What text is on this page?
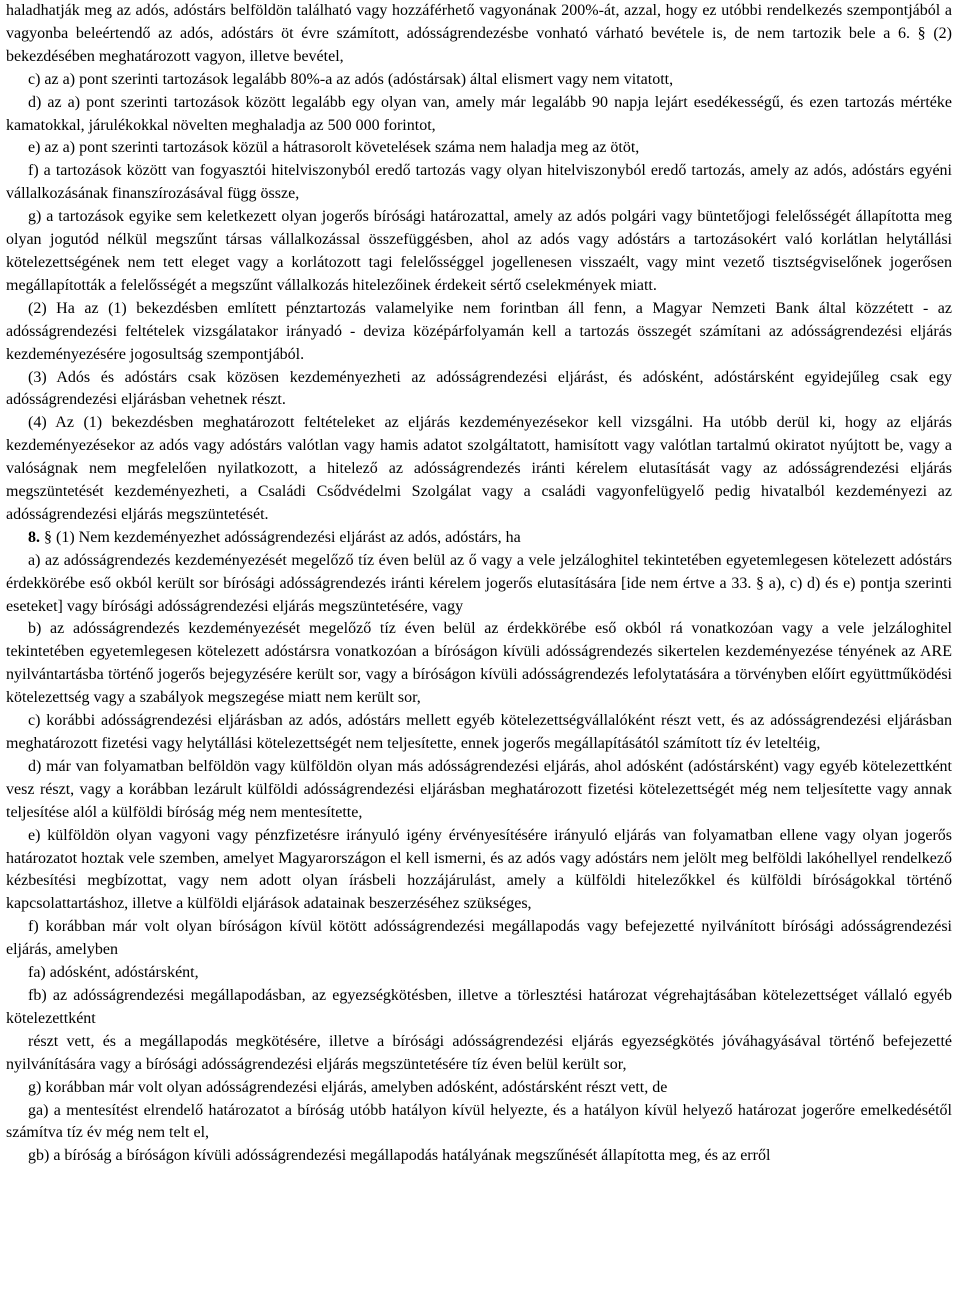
haladhatják meg az adós, adóstárs belföldön található vagy hozzáférhető vagyonának 200%-át, azzal, hogy ez utóbbi rendelkezés szempontjából a vagyonba beleértendő az adós, adóstárs öt évre számított, adósságrendezésbe vonható várható bevétele is, de nem tartozik bele a 6. § (2) bekezdésében meghatározott vagyon, illetve bevétel,

c) az a) pont szerinti tartozások legalább 80%-a az adós (adóstársak) által elismert vagy nem vitatott,

d) az a) pont szerinti tartozások között legalább egy olyan van, amely már legalább 90 napja lejárt esedékességű, és ezen tartozás mértéke kamatokkal, járulékokkal növelten meghaladja az 500 000 forintot,

e) az a) pont szerinti tartozások közül a hátrasorolt követelések száma nem haladja meg az ötöt,

f) a tartozások között van fogyasztói hitelviszonyból eredő tartozás vagy olyan hitelviszonyból eredő tartozás, amely az adós, adóstárs egyéni vállalkozásának finanszírozásával függ össze,

g) a tartozások egyike sem keletkezett olyan jogerős bírósági határozattal, amely az adós polgári vagy büntetőjogi felelősségét állapította meg olyan jogutód nélkül megszűnt társas vállalkozással összefüggésben, ahol az adós vagy adóstárs a tartozásokért való korlátlan helytállási kötelezettségének nem tett eleget vagy a korlátozott tagi felelősséggel jogellenesen visszaélt, vagy mint vezető tisztségviselőnek jogerősen megállapították a felelősségét a megszűnt vállalkozás hitelezőinek érdekeit sértő cselekmények miatt.

(2) Ha az (1) bekezdésben említett pénztartozás valamelyike nem forintban áll fenn, a Magyar Nemzeti Bank által közzétett - az adósságrendezési feltételek vizsgálatakor irányadó - deviza középárfolyamán kell a tartozás összegét számítani az adósságrendezési eljárás kezdeményezésére jogosultság szempontjából.

(3) Adós és adóstárs csak közösen kezdeményezheti az adósságrendezési eljárást, és adósként, adóstársként egyidejűleg csak egy adósságrendezési eljárásban vehetnek részt.

(4) Az (1) bekezdésben meghatározott feltételeket az eljárás kezdeményezésekor kell vizsgálni. Ha utóbb derül ki, hogy az eljárás kezdeményezésekor az adós vagy adóstárs valótlan vagy hamis adatot szolgáltatott, hamisított vagy valótlan tartalmú okiratot nyújtott be, vagy a valóságnak nem megfelelően nyilatkozott, a hitelező az adósságrendezés iránti kérelem elutasítását vagy az adósságrendezési eljárás megszüntetését kezdeményezheti, a Családi Csődvédelmi Szolgálat vagy a családi vagyonfelügyelő pedig hivatalból kezdeményezi az adósságrendezési eljárás megszüntetését.

8. § (1) Nem kezdeményezhet adósságrendezési eljárást az adós, adóstárs, ha

a) az adósságrendezés kezdeményezését megelőző tíz éven belül az ő vagy a vele jelzáloghitel tekintetében egyetemlegesen kötelezett adóstárs érdekkörébe eső okból került sor bírósági adósságrendezés iránti kérelem jogerős elutasítására [ide nem értve a 33. § a), c) d) és e) pontja szerinti eseteket] vagy bírósági adósságrendezési eljárás megszüntetésére, vagy

b) az adósságrendezés kezdeményezését megelőző tíz éven belül az érdekkörébe eső okból rá vonatkozóan vagy a vele jelzáloghitel tekintetében egyetemlegesen kötelezett adóstársra vonatkozóan a bíróságon kívüli adósságrendezés sikertelen kezdeményezése tényének az ARE nyilvántartásba történő jogerős bejegyzésére került sor, vagy a bíróságon kívüli adósságrendezés lefolytatására a törvényben előírt együttműködési kötelezettség vagy a szabályok megszegése miatt nem került sor,

c) korábbi adósságrendezési eljárásban az adós, adóstárs mellett egyéb kötelezettségvállalóként részt vett, és az adósságrendezési eljárásban meghatározott fizetési vagy helytállási kötelezettségét nem teljesítette, ennek jogerős megállapításától számított tíz év leteltéig,

d) már van folyamatban belföldön vagy külföldön olyan más adósságrendezési eljárás, ahol adósként (adóstársként) vagy egyéb kötelezettként vesz részt, vagy a korábban lezárult külföldi adósságrendezési eljárásban meghatározott fizetési kötelezettségét még nem teljesítette vagy annak teljesítése alól a külföldi bíróság még nem mentesítette,

e) külföldön olyan vagyoni vagy pénzfizetésre irányuló igény érvényesítésére irányuló eljárás van folyamatban ellene vagy olyan jogerős határozatot hoztak vele szemben, amelyet Magyarországon el kell ismerni, és az adós vagy adóstárs nem jelölt meg belföldi lakóhellyel rendelkező kézbesítési megbízottat, vagy nem adott olyan írásbeli hozzájárulást, amely a külföldi hitelezőkkel és külföldi bíróságokkal történő kapcsolattartáshoz, illetve a külföldi eljárások adatainak beszerzéséhez szükséges,

f) korábban már volt olyan bíróságon kívül kötött adósságrendezési megállapodás vagy befejezetté nyilvánított bírósági adósságrendezési eljárás, amelyben

fa) adósként, adóstársként,

fb) az adósságrendezési megállapodásban, az egyezségkötésben, illetve a törlesztési határozat végrehajtásában kötelezettséget vállaló egyéb kötelezettként

részt vett, és a megállapodás megkötésére, illetve a bírósági adósságrendezési eljárás egyezségkötés jóváhagyásával történő befejezetté nyilvánítására vagy a bírósági adósságrendezési eljárás megszüntetésére tíz éven belül került sor,

g) korábban már volt olyan adósságrendezési eljárás, amelyben adósként, adóstársként részt vett, de

ga) a mentesítést elrendelő határozatot a bíróság utóbb hatályon kívül helyezte, és a hatályon kívül helyező határozat jogerőre emelkedésétől számítva tíz év még nem telt el,

gb) a bíróság a bíróságon kívüli adósságrendezési megállapodás hatályának megszűnését állapította meg, és az erről
